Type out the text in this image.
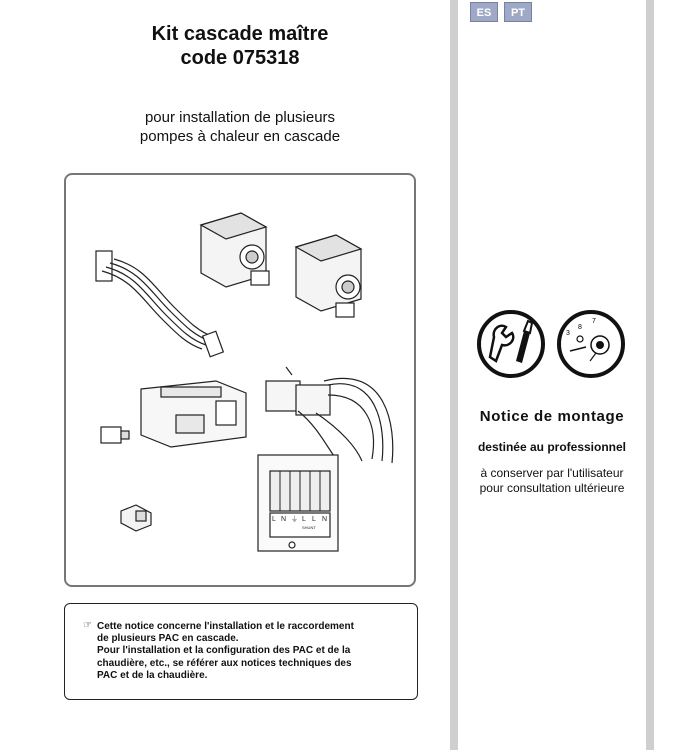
Kit cascade maître
code 075318
pour installation de plusieurs
pompes à chaleur en cascade
L N ⏚ L L N
SHUNT
☞ Cette notice concerne l'installation et le raccordement

de plusieurs PAC en cascade.

Pour l'installation et la configuration des PAC et de la

chaudière, etc., se référer aux notices techniques des

PAC et de la chaudière.

ES	PT
3
8
7
Notice de montage
destinée au professionnel
à conserver par l'utilisateur
pour consultation ultérieure
